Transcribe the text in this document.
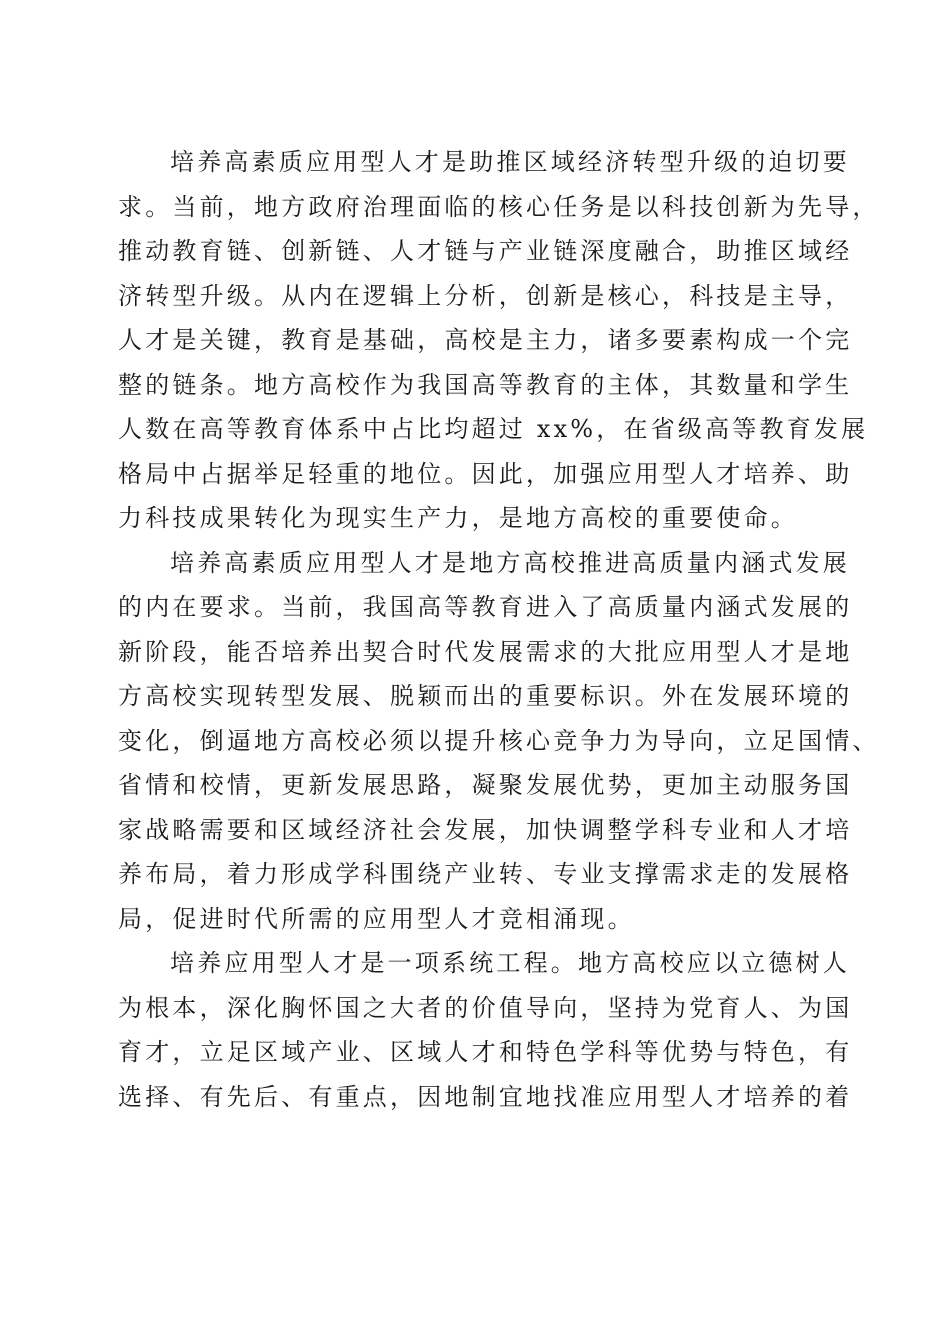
培养高素质应用型人才是助推区域经济转型升级的迫切要
求。当前，地方政府治理面临的核心任务是以科技创新为先导，
推动教育链、创新链、人才链与产业链深度融合，助推区域经
济转型升级。从内在逻辑上分析，创新是核心，科技是主导，
人才是关键，教育是基础，高校是主力，诸多要素构成一个完
整的链条。地方高校作为我国高等教育的主体，其数量和学生
人数在高等教育体系中占比均超过 xx%，在省级高等教育发展
格局中占据举足轻重的地位。因此，加强应用型人才培养、助
力科技成果转化为现实生产力，是地方高校的重要使命。
培养高素质应用型人才是地方高校推进高质量内涵式发展
的内在要求。当前，我国高等教育进入了高质量内涵式发展的
新阶段，能否培养出契合时代发展需求的大批应用型人才是地
方高校实现转型发展、脱颖而出的重要标识。外在发展环境的
变化，倒逼地方高校必须以提升核心竞争力为导向，立足国情、
省情和校情，更新发展思路，凝聚发展优势，更加主动服务国
家战略需要和区域经济社会发展，加快调整学科专业和人才培
养布局，着力形成学科围绕产业转、专业支撑需求走的发展格
局，促进时代所需的应用型人才竞相涌现。
培养应用型人才是一项系统工程。地方高校应以立德树人
为根本，深化胸怀国之大者的价值导向，坚持为党育人、为国
育才，立足区域产业、区域人才和特色学科等优势与特色，有
选择、有先后、有重点，因地制宜地找准应用型人才培养的着
